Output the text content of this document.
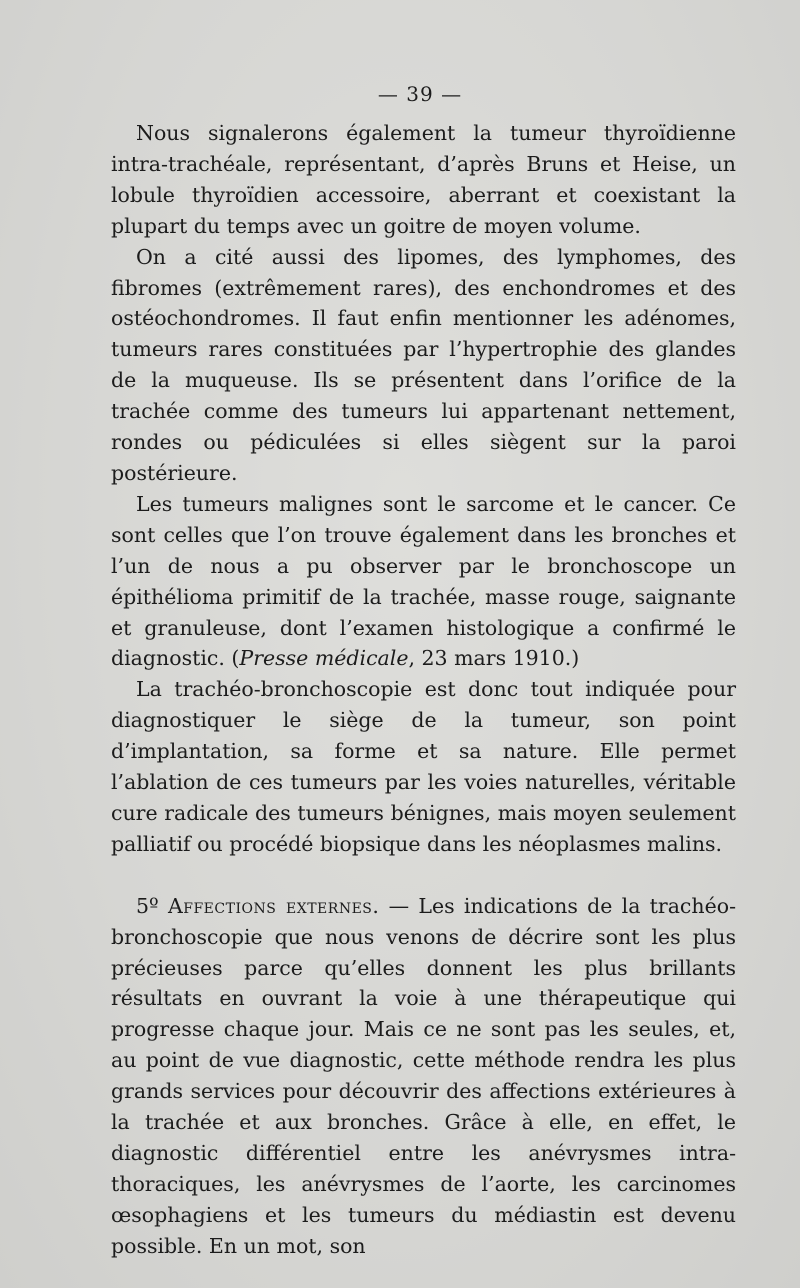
— 39 —

Nous signalerons également la tumeur thyroïdienne intra-trachéale, représentant, d’après Bruns et Heise, un lobule thyroïdien accessoire, aberrant et coexistant la plupart du temps avec un goitre de moyen volume.

On a cité aussi des lipomes, des lymphomes, des fibromes (extrêmement rares), des enchondromes et des ostéochondromes. Il faut enfin mentionner les adénomes, tumeurs rares constituées par l’hypertrophie des glandes de la muqueuse. Ils se présentent dans l’orifice de la trachée comme des tumeurs lui appartenant nettement, rondes ou pédiculées si elles siègent sur la paroi postérieure.

Les tumeurs malignes sont le sarcome et le cancer. Ce sont celles que l’on trouve également dans les bronches et l’un de nous a pu observer par le bronchoscope un épithélioma primitif de la trachée, masse rouge, saignante et granuleuse, dont l’examen histologique a confirmé le diagnostic. (Presse médicale, 23 mars 1910.)

La trachéo-bronchoscopie est donc tout indiquée pour diagnostiquer le siège de la tumeur, son point d’implantation, sa forme et sa nature. Elle permet l’ablation de ces tumeurs par les voies naturelles, véritable cure radicale des tumeurs bénignes, mais moyen seulement palliatif ou procédé biopsique dans les néoplasmes malins.

5º Affections externes. — Les indications de la trachéo-bronchoscopie que nous venons de décrire sont les plus précieuses parce qu’elles donnent les plus brillants résultats en ouvrant la voie à une thérapeutique qui progresse chaque jour. Mais ce ne sont pas les seules, et, au point de vue diagnostic, cette méthode rendra les plus grands services pour découvrir des affections extérieures à la trachée et aux bronches. Grâce à elle, en effet, le diagnostic différentiel entre les anévrysmes intra-thoraciques, les anévrysmes de l’aorte, les carcinomes œsophagiens et les tumeurs du médiastin est devenu possible. En un mot, son
